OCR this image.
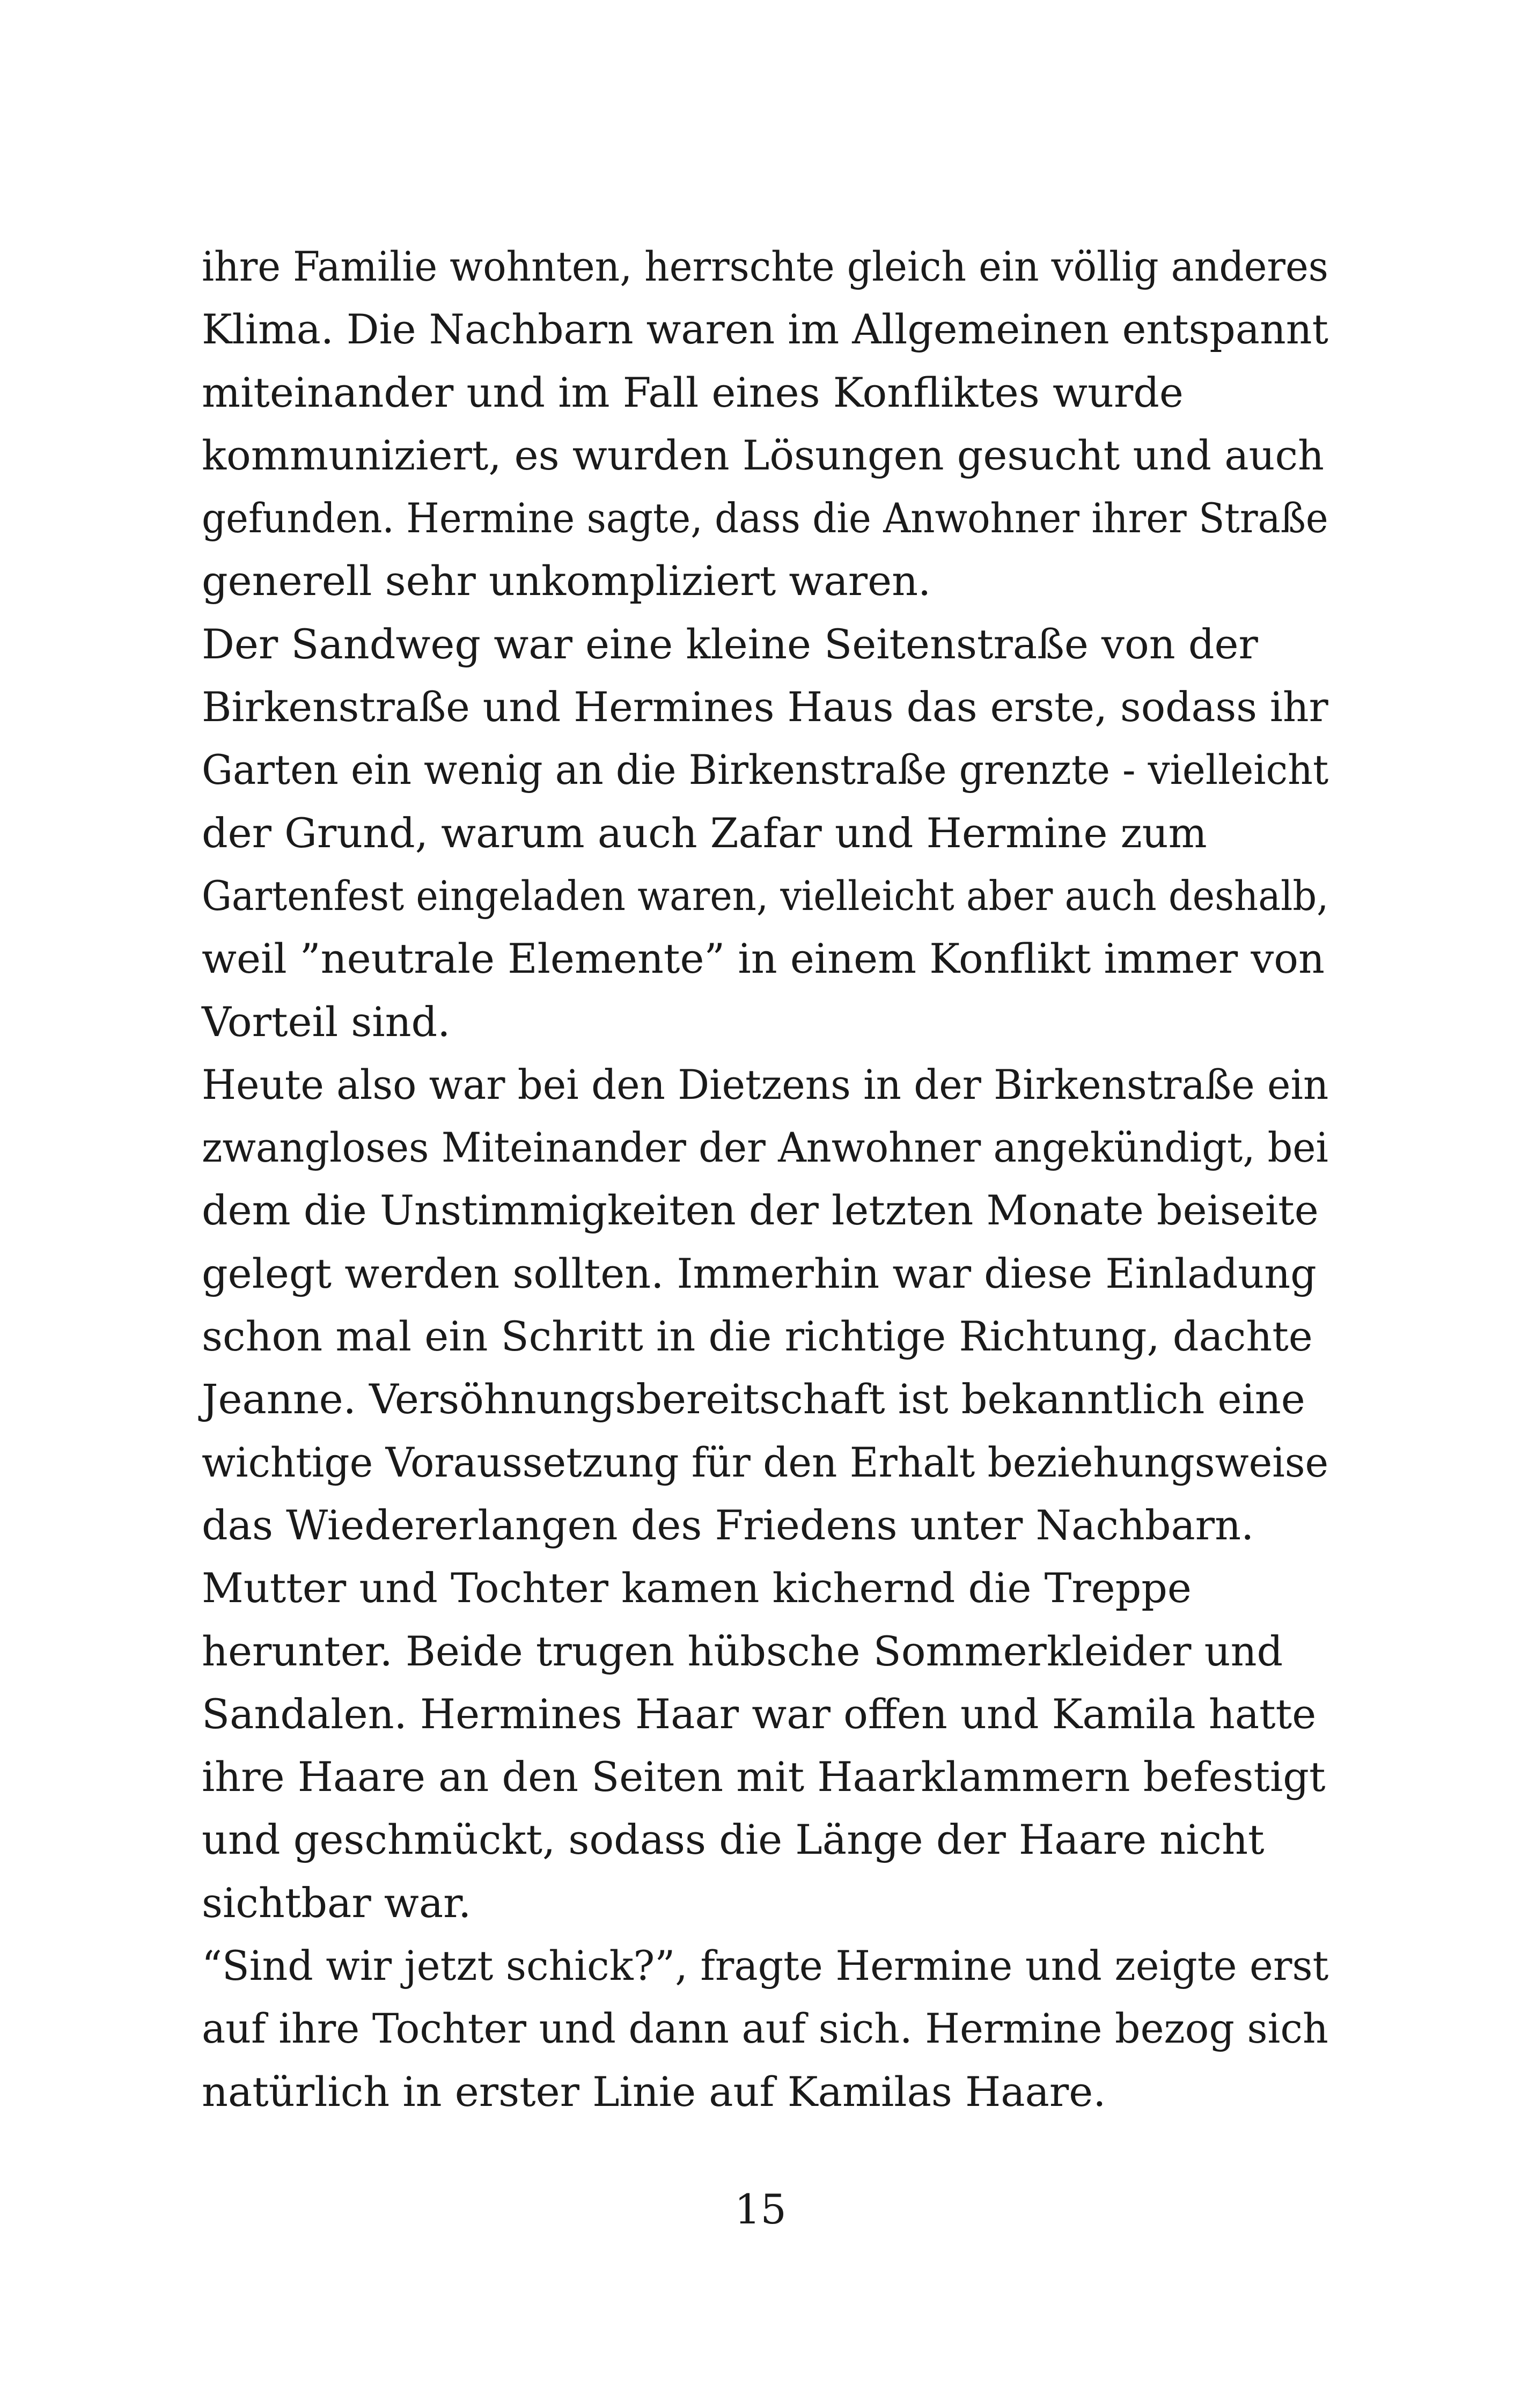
ihre Familie wohnten, herrschte gleich ein völlig anderes
Klima. Die Nachbarn waren im Allgemeinen entspannt
miteinander und im Fall eines Konfliktes wurde
kommuniziert, es wurden Lösungen gesucht und auch
gefunden. Hermine sagte, dass die Anwohner ihrer Straße
generell sehr unkompliziert waren.
Der Sandweg war eine kleine Seitenstraße von der
Birkenstraße und Hermines Haus das erste, sodass ihr
Garten ein wenig an die Birkenstraße grenzte - vielleicht
der Grund, warum auch Zafar und Hermine zum
Gartenfest eingeladen waren, vielleicht aber auch deshalb,
weil ”neutrale Elemente” in einem Konflikt immer von
Vorteil sind.
Heute also war bei den Dietzens in der Birkenstraße ein
zwangloses Miteinander der Anwohner angekündigt, bei
dem die Unstimmigkeiten der letzten Monate beiseite
gelegt werden sollten. Immerhin war diese Einladung
schon mal ein Schritt in die richtige Richtung, dachte
Jeanne. Versöhnungsbereitschaft ist bekanntlich eine
wichtige Voraussetzung für den Erhalt beziehungsweise
das Wiedererlangen des Friedens unter Nachbarn.
Mutter und Tochter kamen kichernd die Treppe
herunter. Beide trugen hübsche Sommerkleider und
Sandalen. Hermines Haar war offen und Kamila hatte
ihre Haare an den Seiten mit Haarklammern befestigt
und geschmückt, sodass die Länge der Haare nicht
sichtbar war.
“Sind wir jetzt schick?”, fragte Hermine und zeigte erst
auf ihre Tochter und dann auf sich. Hermine bezog sich
natürlich in erster Linie auf Kamilas Haare.
15
